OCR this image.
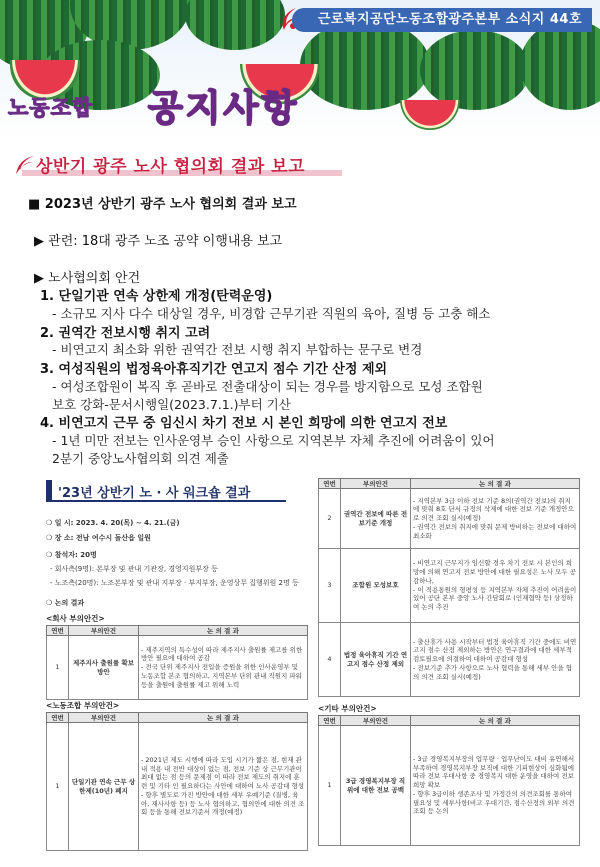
근로복지공단노동조합광주본부 소식지 44호
노동조합 공지사항
상반기 광주 노사 협의회 결과 보고
■ 2023년 상반기 광주 노사 협의회 결과 보고
▶ 관련: 18대 광주 노조 공약 이행내용 보고
▶ 노사협의회 안건
1. 단일기관 연속 상한제 개정(탄력운영)
- 소규모 지사 다수 대상일 경우, 비경합 근무기관 직원의 육아, 질병 등 고충 해소
2. 권역간 전보시행 취지 고려
- 비연고지 최소화 위한 권역간 전보 시행 취지 부합하는 문구로 변경
3. 여성직원의 법정육아휴직기간 연고지 점수 기간 산정 제외
- 여성조합원이 복직 후 곧바로 전출대상이 되는 경우를 방지함으로 모성 조합원
보호 강화-문서시행일(2023.7.1.)부터 기산
4. 비연고지 근무 중 임신시 차기 전보 시 본인 희망에 의한 연고지 전보
- 1년 미만 전보는 인사운영부 승인 사항으로 지역본부 자체 추진에 어려움이 있어
2분기 중앙노사협의회 의견 제출
'23년 상반기 노 · 사 워크숍 결과
❍ 일 시: 2023. 4. 20(목) ~ 4. 21.(금)
❍ 장 소: 전남 여수시 돌산읍 일원
❍ 참석자: 20명
- 회사측(9명): 본부장 및 관내 기관장, 경영지원부장 등
- 노조측(20명): 노조본부장 및 관내 지부장 · 부지부장, 운영상무 집행위원 2명 등
❍ 논의 결과
<회사 부의안건>
연번	부의안건	논 의 결 과
1	제주지사 출원률 확보방안	- 제주지역의 특수성이 따라 제주지사 출원률 제고를 위한 방안 필요에 대하여 공감
- 전국 단위 제주지사 전입을 증원을 위한 인사운영부 및 노동조합 본조 협의하고, 지역본부 단위 관내 직원지 파워 등을 출원에 출원률 제고 위해 노력
<노동조합 부의안건>
연번	부의안건	논 의 결 과
1	단일기관 연속 근무 상한제(10년) 폐지	- 2021년 제도 시행에 따라 도입 시기가 짧은 점, 현재 관내 적용 내 전반 대상이 없는 점, 전보 기준 상 근무기관이 최대 없는 점 등의 문제점 이 따라 전보 제도의 취지에 훈련 및 기타 인 필요하다는 사안에 대하여 노사 공감대 형성
- 향후 별도로 가진 방안에 대한 세부 우예기준 (질병, 육아, 재사사항 등) 등 노사 협의하고, 협의안에 대한 의견 조회 등을 통해 전보기준서 개정(예정)
연번	부의안건	논 의 결 과
2	권역간 전보에 따른 전보기준 개정	- 지역본부 3급 이하 전보 기준 8의(권역간 전보)의 취지에 맞춰 8호 단서 규정의 삭제에 대한 전보 기준 개정안으로 의견 조회 실시(예정)
- 권역간 전보의 취지에 맞춰 문제 방비하는 전보에 대하여 최소화
3	조합원 모성보호	- 비연고지 근무지가 임신할 경우 차기 전보 시 본인의 희망에 의해 연고지 전보 방안에 대한 필요성은 노사 모두 공감하나,
- 이 적용통원의 형평성 등 지역본부 자체 추진이 어려움이 있어 공단 본부 중앙 노사 간담회로 (인재협약 등) 상정하여 논의 추진
4	법정 육아휴직 기간 연고지 점수 산정 제외	- 출산휴가 사용 시작부터 법정 육아휴직 기간 중에도 비연고지 점수 산정 제외하는 방안은 연구결과에 대한 세부적 검토필요에 의결하여 대하여 공감대 형성
- 전보기준 추가 사항으로 노사 협력을 통해 세부 안을 협의 의견 조회 실시(예정)
<기타 부의안건>
연번	부의안건	논 의 결 과
1	3급 경영복지부장 직위에 대한 전보 공백	- 3급 경영복지부장의 업무량 · 업무난이도 대비 유연해서 부족하여 경영복지부장 보직에 대한 기피현상이 심화됨에 따라 전보 우대사항 중 경영복지 대한 운영을 대하여 전보 희망 확보
- 향후 3급이하 생존조사 및 가정간의 의견조회를 통하여 필요성 및 세부사항(비고 우대기간, 점수산정의 외부 의견 조회 등 논의
